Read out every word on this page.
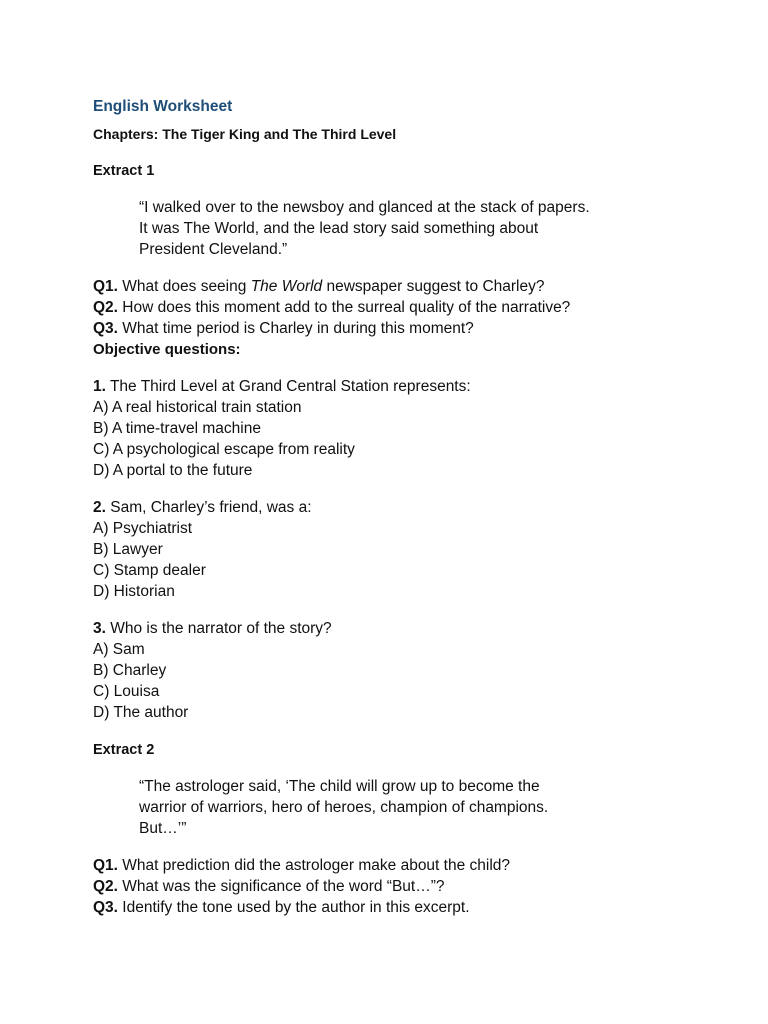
English Worksheet
Chapters: The Tiger King and The Third Level
Extract 1
“I walked over to the newsboy and glanced at the stack of papers.
It was The World, and the lead story said something about
President Cleveland.”
Q1. What does seeing The World newspaper suggest to Charley?
Q2. How does this moment add to the surreal quality of the narrative?
Q3. What time period is Charley in during this moment?
Objective questions:
1. The Third Level at Grand Central Station represents:
A) A real historical train station
B) A time-travel machine
C) A psychological escape from reality
D) A portal to the future
2. Sam, Charley’s friend, was a:
A) Psychiatrist
B) Lawyer
C) Stamp dealer
D) Historian
3. Who is the narrator of the story?
A) Sam
B) Charley
C) Louisa
D) The author
Extract 2
“The astrologer said, ‘The child will grow up to become the
warrior of warriors, hero of heroes, champion of champions.
But…’”
Q1. What prediction did the astrologer make about the child?
Q2. What was the significance of the word “But…”?
Q3. Identify the tone used by the author in this excerpt.
